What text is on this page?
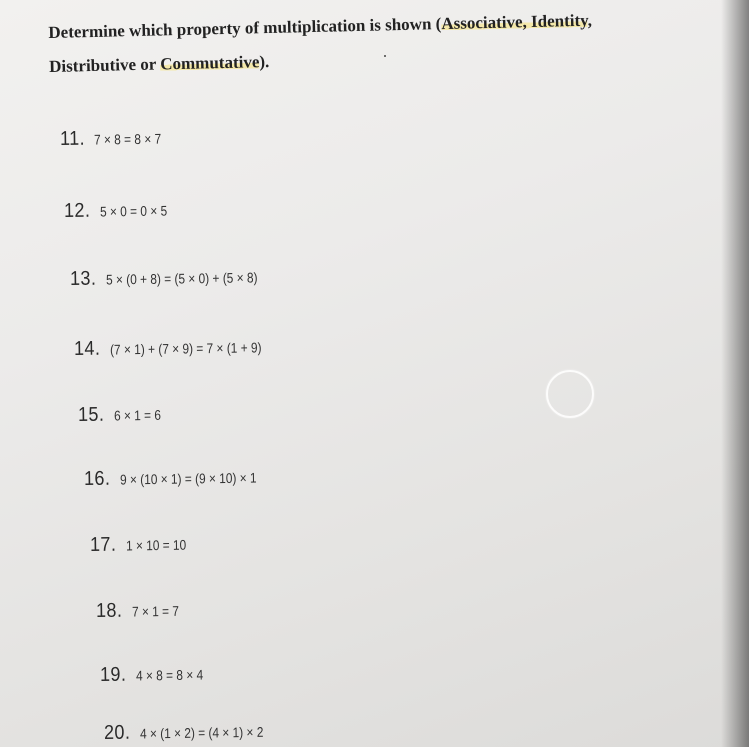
Determine which property of multiplication is shown (Associative, Identity,
Distributive or Commutative).
11. 7 × 8 = 8 × 7
12. 5 × 0 = 0 × 5
13. 5 × (0 + 8) = (5 × 0) + (5 × 8)
14. (7 × 1) + (7 × 9) = 7 × (1 + 9)
15. 6 × 1 = 6
16. 9 × (10 × 1) = (9 × 10) × 1
17. 1 × 10 = 10
18. 7 × 1 = 7
19. 4 × 8 = 8 × 4
20. 4 × (1 × 2) = (4 × 1) × 2
